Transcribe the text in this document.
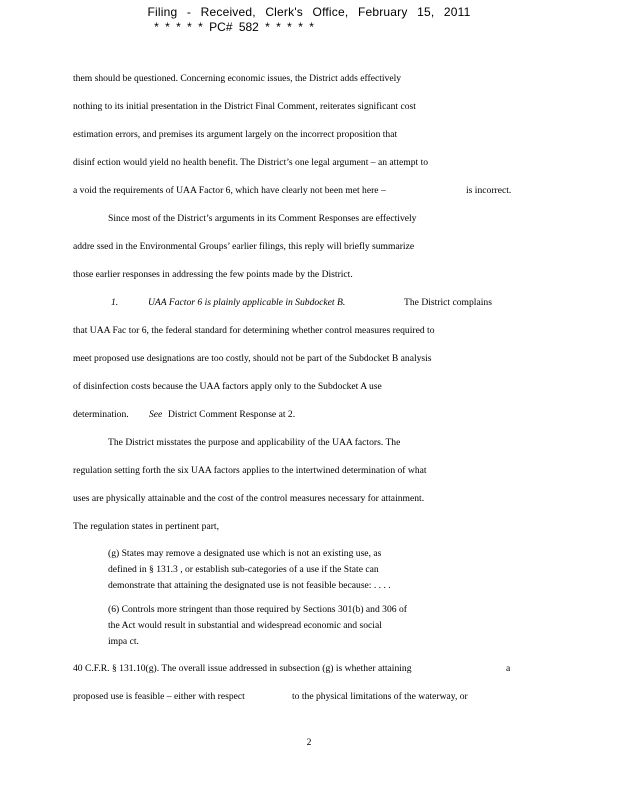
Filing - Received, Clerk's Office, February 15, 2011
* * * * * PC# 582 * * * * *
them should be questioned. Concerning economic issues, the District adds effectively
nothing to its initial presentation in the District Final Comment, reiterates significant cost
estimation errors, and premises its argument largely on the incorrect proposition that
disinf ection would yield no health benefit. The District’s one legal argument – an attempt to
a void the requirements of UAA Factor 6, which have clearly not been met here –	is incorrect.
Since most of the District’s arguments in its Comment Responses are effectively
addre ssed in the Environmental Groups’ earlier filings, this reply will briefly summarize
those earlier responses in addressing the few points made by the District.
1.	UAA Factor 6 is plainly applicable in Subdocket B.	The District complains
that UAA Fac tor 6, the federal standard for determining whether control measures required to
meet proposed use designations are too costly, should not be part of the Subdocket B analysis
of disinfection costs because the UAA factors apply only to the Subdocket A use
determination. See District Comment Response at 2.
The District misstates the purpose and applicability of the UAA factors. The
regulation setting forth the six UAA factors applies to the intertwined determination of what
uses are physically attainable and the cost of the control measures necessary for attainment.
The regulation states in pertinent part,
(g) States may remove a designated use which is not an existing use, as
defined in § 131.3 , or establish sub-categories of a use if the State can
demonstrate that attaining the designated use is not feasible because: . . . .
(6) Controls more stringent than those required by Sections 301(b) and 306 of
the Act would result in substantial and widespread economic and social
impa ct.
40 C.F.R. § 131.10(g). The overall issue addressed in subsection (g) is whether attaining	a
proposed use is feasible – either with respect	to the physical limitations of the waterway, or
2
